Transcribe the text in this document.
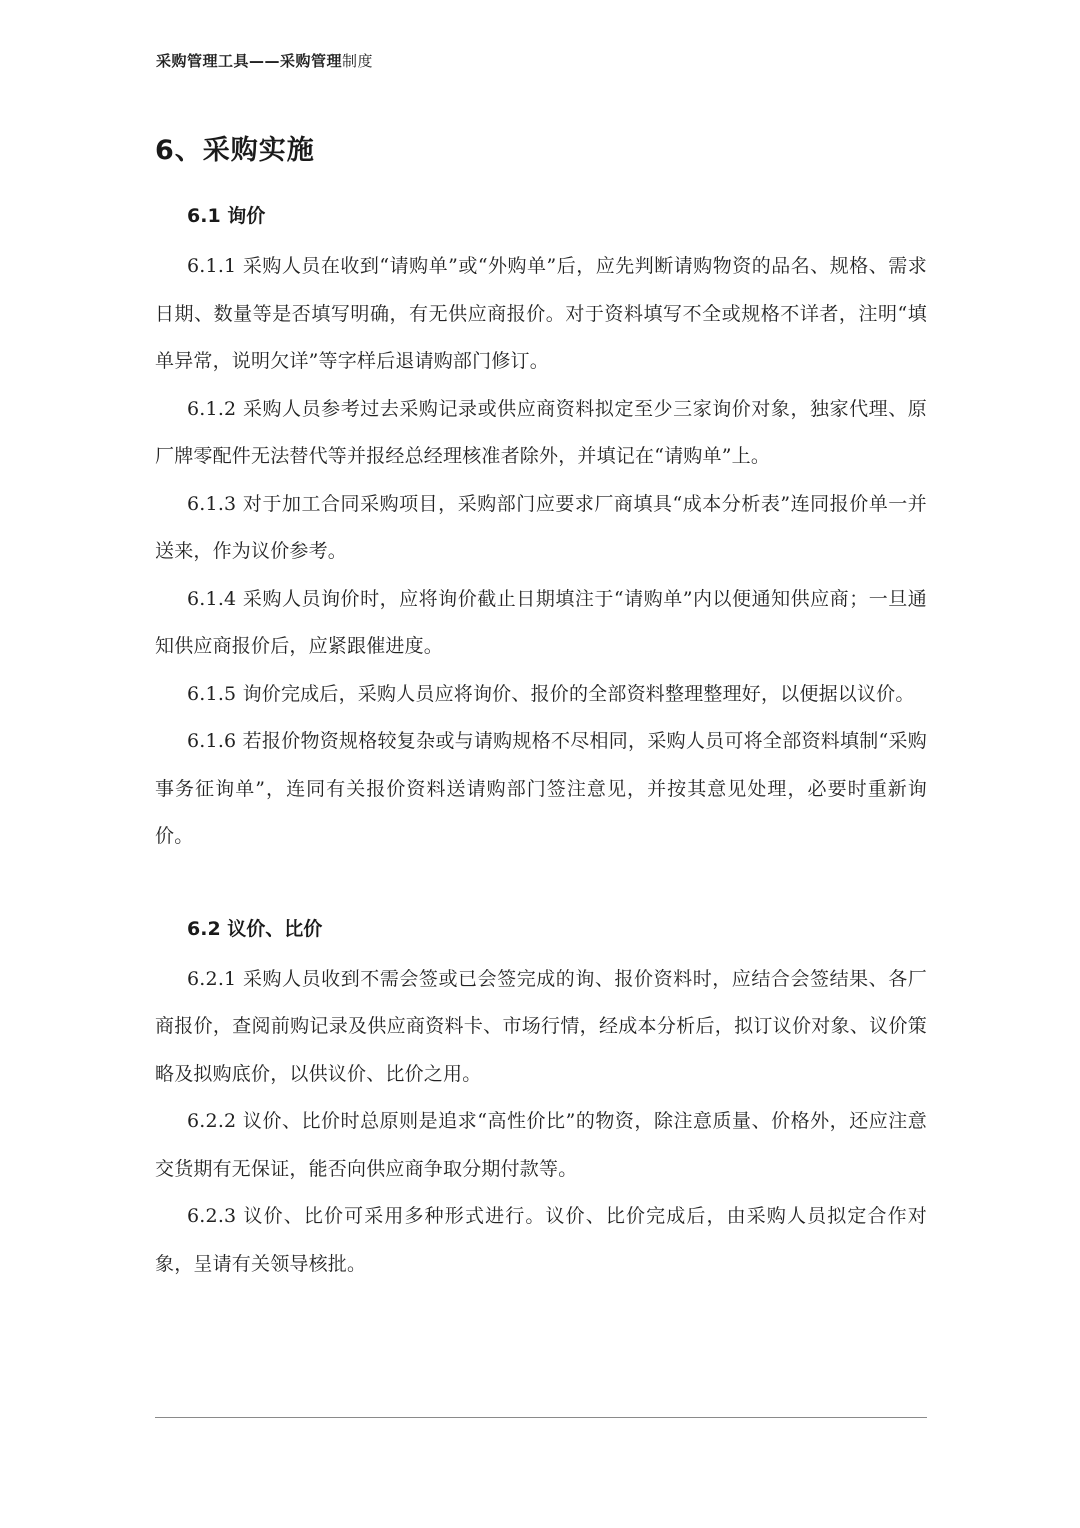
采购管理工具——采购管理制度
6、采购实施
6.1 询价

6.1.1 采购人员在收到“请购单”或“外购单”后，应先判断请购物资的品名、规格、需求日期、数量等是否填写明确，有无供应商报价。对于资料填写不全或规格不详者，注明“填单异常，说明欠详”等字样后退请购部门修订。

6.1.2 采购人员参考过去采购记录或供应商资料拟定至少三家询价对象，独家代理、原厂牌零配件无法替代等并报经总经理核准者除外，并填记在“请购单”上。

6.1.3 对于加工合同采购项目，采购部门应要求厂商填具“成本分析表”连同报价单一并送来，作为议价参考。

6.1.4 采购人员询价时，应将询价截止日期填注于“请购单”内以便通知供应商；一旦通知供应商报价后，应紧跟催进度。

6.1.5 询价完成后，采购人员应将询价、报价的全部资料整理整理好，以便据以议价。

6.1.6 若报价物资规格较复杂或与请购规格不尽相同，采购人员可将全部资料填制“采购事务征询单”，连同有关报价资料送请购部门签注意见，并按其意见处理，必要时重新询价。

6.2 议价、比价

6.2.1 采购人员收到不需会签或已会签完成的询、报价资料时，应结合会签结果、各厂商报价，查阅前购记录及供应商资料卡、市场行情，经成本分析后，拟订议价对象、议价策略及拟购底价，以供议价、比价之用。

6.2.2 议价、比价时总原则是追求“高性价比”的物资，除注意质量、价格外，还应注意交货期有无保证，能否向供应商争取分期付款等。

6.2.3 议价、比价可采用多种形式进行。议价、比价完成后，由采购人员拟定合作对象，呈请有关领导核批。
